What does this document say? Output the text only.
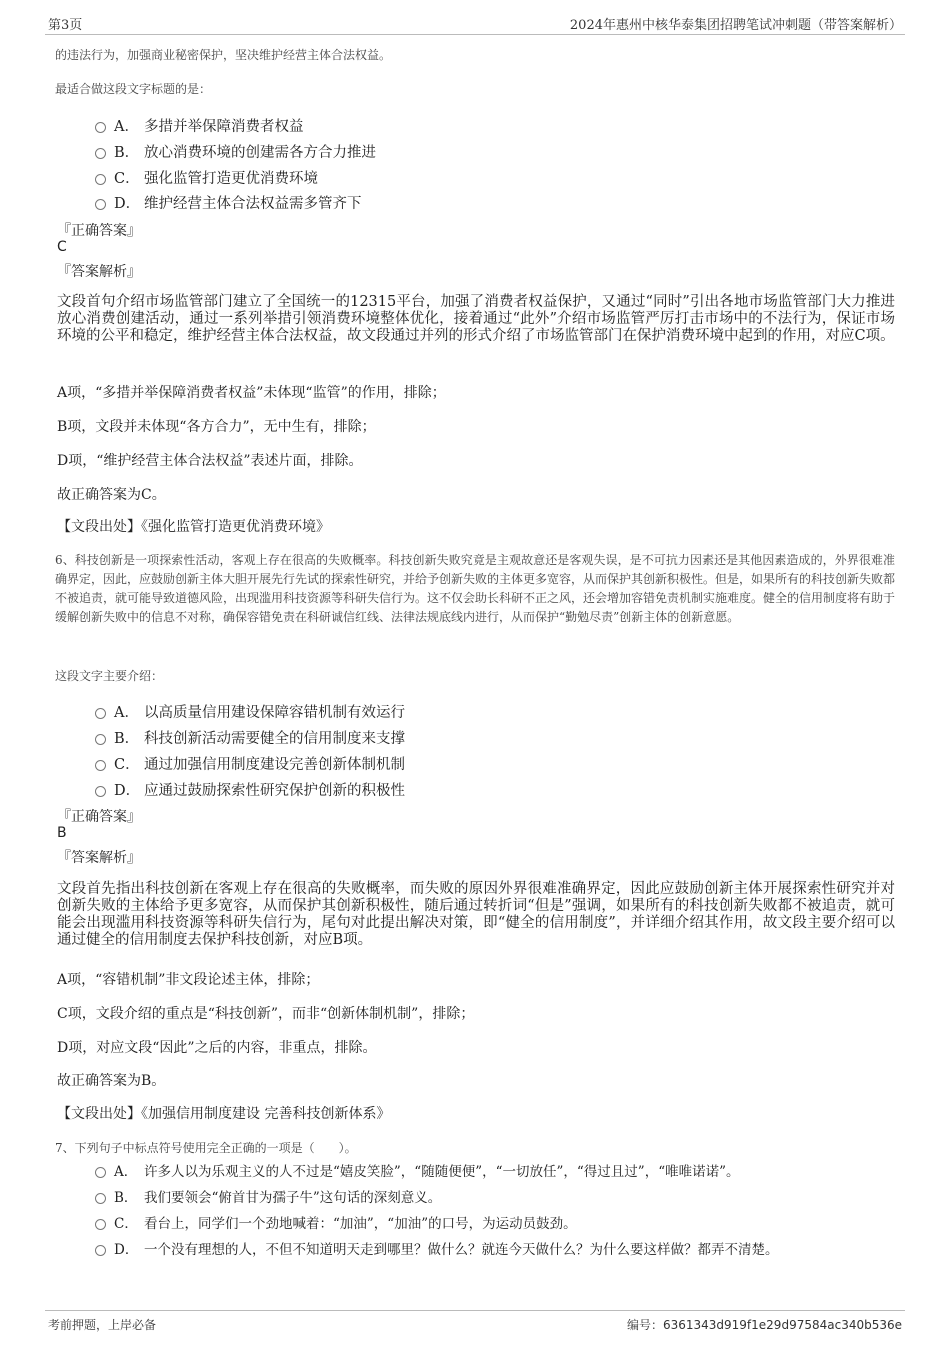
第3页	2024年惠州中核华泰集团招聘笔试冲刺题（带答案解析）
的违法行为，加强商业秘密保护，坚决维护经营主体合法权益。
最适合做这段文字标题的是：
A． 多措并举保障消费者权益
B． 放心消费环境的创建需各方合力推进
C． 强化监管打造更优消费环境
D． 维护经营主体合法权益需多管齐下
『正确答案』
C
『答案解析』
文段首句介绍市场监管部门建立了全国统一的12315平台，加强了消费者权益保护，又通过“同时”引出各地市场监管部门大力推进放心消费创建活动，通过一系列举措引领消费环境整体优化，接着通过“此外”介绍市场监管严厉打击市场中的不法行为，保证市场环境的公平和稳定，维护经营主体合法权益，故文段通过并列的形式介绍了市场监管部门在保护消费环境中起到的作用，对应C项。
A项，“多措并举保障消费者权益”未体现“监管”的作用，排除；
B项，文段并未体现“各方合力”，无中生有，排除；
D项，“维护经营主体合法权益”表述片面，排除。
故正确答案为C。
【文段出处】《强化监管打造更优消费环境》
6、科技创新是一项探索性活动，客观上存在很高的失败概率。科技创新失败究竟是主观故意还是客观失误，是不可抗力因素还是其他因素造成的，外界很难准确界定，因此，应鼓励创新主体大胆开展先行先试的探索性研究，并给予创新失败的主体更多宽容，从而保护其创新积极性。但是，如果所有的科技创新失败都不被追责，就可能导致道德风险，出现滥用科技资源等科研失信行为。这不仅会助长科研不正之风，还会增加容错免责机制实施难度。健全的信用制度将有助于缓解创新失败中的信息不对称，确保容错免责在科研诚信红线、法律法规底线内进行，从而保护“勤勉尽责”创新主体的创新意愿。
这段文字主要介绍：
A． 以高质量信用建设保障容错机制有效运行
B． 科技创新活动需要健全的信用制度来支撑
C． 通过加强信用制度建设完善创新体制机制
D． 应通过鼓励探索性研究保护创新的积极性
『正确答案』
B
『答案解析』
文段首先指出科技创新在客观上存在很高的失败概率，而失败的原因外界很难准确界定，因此应鼓励创新主体开展探索性研究并对创新失败的主体给予更多宽容，从而保护其创新积极性，随后通过转折词“但是”强调，如果所有的科技创新失败都不被追责，就可能会出现滥用科技资源等科研失信行为，尾句对此提出解决对策，即“健全的信用制度”，并详细介绍其作用，故文段主要介绍可以通过健全的信用制度去保护科技创新，对应B项。
A项，“容错机制”非文段论述主体，排除；
C项，文段介绍的重点是“科技创新”，而非“创新体制机制”，排除；
D项，对应文段“因此”之后的内容，非重点，排除。
故正确答案为B。
【文段出处】《加强信用制度建设 完善科技创新体系》
7、下列句子中标点符号使用完全正确的一项是（　　）。
A． 许多人以为乐观主义的人不过是“嬉皮笑脸”，“随随便便”，“一切放任”，“得过且过”，“唯唯诺诺”。
B． 我们要领会“俯首甘为孺子牛”这句话的深刻意义。
C． 看台上，同学们一个劲地喊着：“加油”，“加油”的口号，为运动员鼓劲。
D． 一个没有理想的人，不但不知道明天走到哪里？做什么？就连今天做什么？为什么要这样做？都弄不清楚。
考前押题，上岸必备	编号：6361343d919f1e29d97584ac340b536e
